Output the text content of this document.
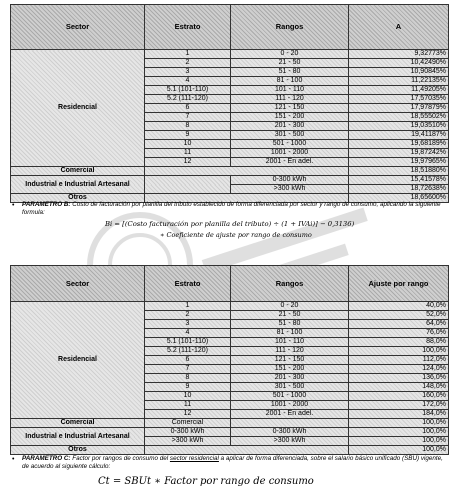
Sector	Estrato	Rangos	A
Residencial	1	0 - 20	9,32773%
	2	21 - 50	10,42490%
	3	51 - 80	10,90845%
	4	81 - 100	11,22135%
	5.1 (101-110)	101 - 110	11,49205%
	5.2 (111-120)	111 - 120	17,57035%
	6	121 - 150	17,97879%
	7	151 - 200	18,55502%
	8	201 - 300	19,03510%
	9	301 - 500	19,41187%
	10	501 - 1000	19,68189%
	11	1001 - 2000	19,87242%
	12	2001 - En adel.	19,97965%
Comercial			18,51880%
Industrial e Industrial Artesanal		0-300 kWh	15,41578%
		>300 kWh	18,72638%
Otros			18,65600%
• PARAMETRO B: Costo de facturación por planilla del tributo establecido de forma diferenciada por sector y rango de consumo, aplicando la siguiente formula:
Bi = [(Costo facturación por planilla del tributo) ÷ (1 + IVAi)] − 0,3136)
∗ Coeficiente de ajuste por rango de consumo
Sector	Estrato	Rangos	Ajuste por rango
Residencial	1	0 - 20	40,0%
	2	21 - 50	52,0%
	3	51 - 80	64,0%
	4	81 - 100	76,0%
	5.1 (101-110)	101 - 110	88,0%
	5.2 (111-120)	111 - 120	100,0%
	6	121 - 150	112,0%
	7	151 - 200	124,0%
	8	201 - 300	136,0%
	9	301 - 500	148,0%
	10	501 - 1000	160,0%
	11	1001 - 2000	172,0%
	12	2001 - En adel.	184,0%
Comercial	Comercial		100,0%
Industrial e Industrial Artesanal	0-300 kWh	0-300 kWh	100,0%
	>300 kWh	>300 kWh	100,0%
Otros			100,0%
• PARAMETRO C: Factor por rangos de consumo del sector residencial a aplicar de forma diferenciada, sobre el salario básico unificado (SBU) vigente, de acuerdo al siguiente cálculo:
Ct = SBUt ∗ Factor por rango de consumo
